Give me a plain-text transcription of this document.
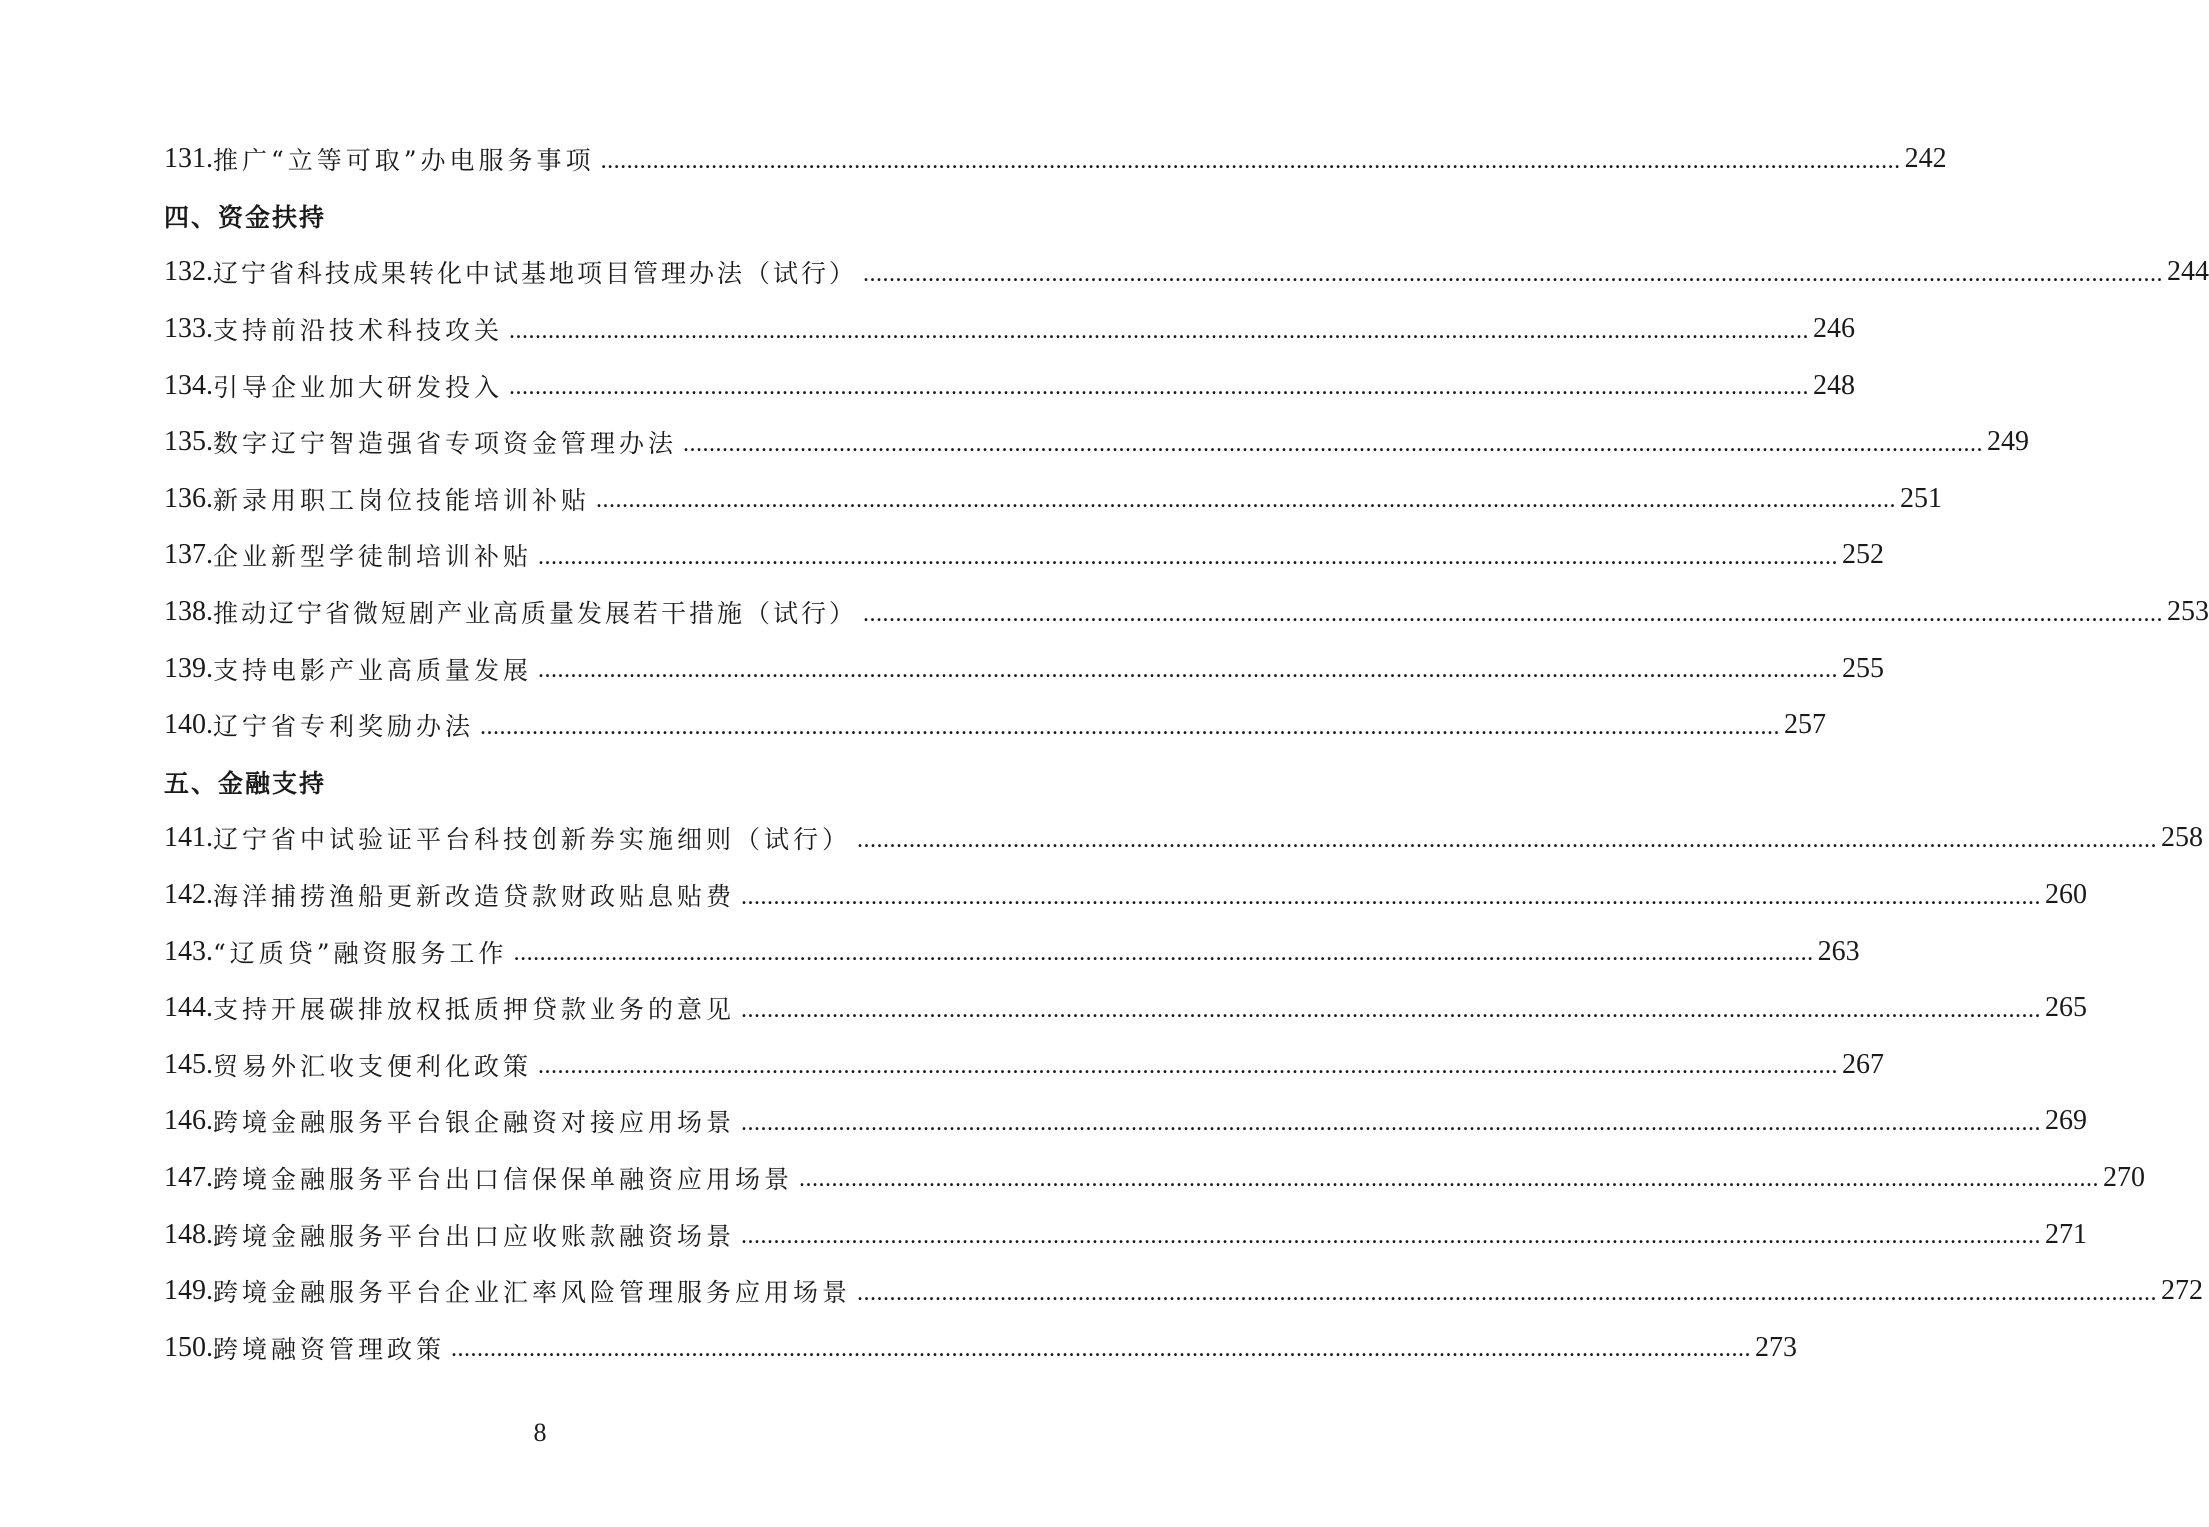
131. 推广“立等可取”办电服务事项 ........................................................................................................................................................................................................ 242
四、资金扶持
132. 辽宁省科技成果转化中试基地项目管理办法（试行） ........................................................................................................................................................................................................ 244
133. 支持前沿技术科技攻关 ........................................................................................................................................................................................................ 246
134. 引导企业加大研发投入 ........................................................................................................................................................................................................ 248
135. 数字辽宁智造强省专项资金管理办法 ........................................................................................................................................................................................................ 249
136. 新录用职工岗位技能培训补贴 ........................................................................................................................................................................................................ 251
137. 企业新型学徒制培训补贴 ........................................................................................................................................................................................................ 252
138. 推动辽宁省微短剧产业高质量发展若干措施（试行） ........................................................................................................................................................................................................ 253
139. 支持电影产业高质量发展 ........................................................................................................................................................................................................ 255
140. 辽宁省专利奖励办法 ........................................................................................................................................................................................................ 257
五、金融支持
141. 辽宁省中试验证平台科技创新券实施细则（试行） ........................................................................................................................................................................................................ 258
142. 海洋捕捞渔船更新改造贷款财政贴息贴费 ........................................................................................................................................................................................................ 260
143. “辽质贷”融资服务工作 ........................................................................................................................................................................................................ 263
144. 支持开展碳排放权抵质押贷款业务的意见 ........................................................................................................................................................................................................ 265
145. 贸易外汇收支便利化政策 ........................................................................................................................................................................................................ 267
146. 跨境金融服务平台银企融资对接应用场景 ........................................................................................................................................................................................................ 269
147. 跨境金融服务平台出口信保保单融资应用场景 ........................................................................................................................................................................................................ 270
148. 跨境金融服务平台出口应收账款融资场景 ........................................................................................................................................................................................................ 271
149. 跨境金融服务平台企业汇率风险管理服务应用场景 ........................................................................................................................................................................................................ 272
150. 跨境融资管理政策 ........................................................................................................................................................................................................ 273
8
